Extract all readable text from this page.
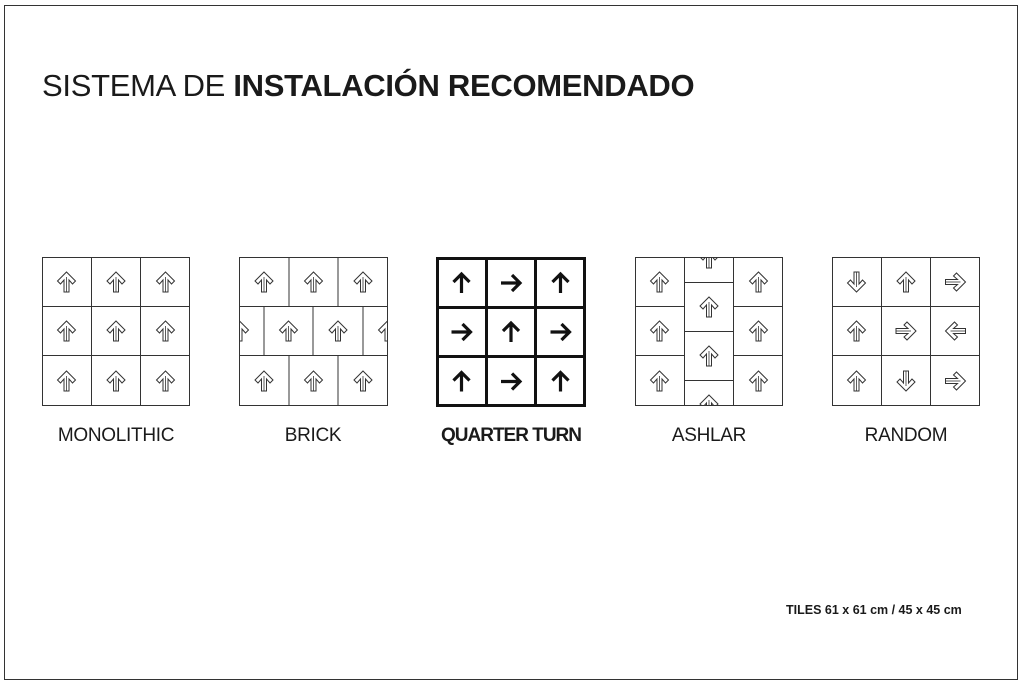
SISTEMA DE INSTALACIÓN RECOMENDADO
MONOLITHIC	BRICK	QUARTER TURN	ASHLAR	RANDOM
TILES 61 x 61 cm / 45 x 45 cm
